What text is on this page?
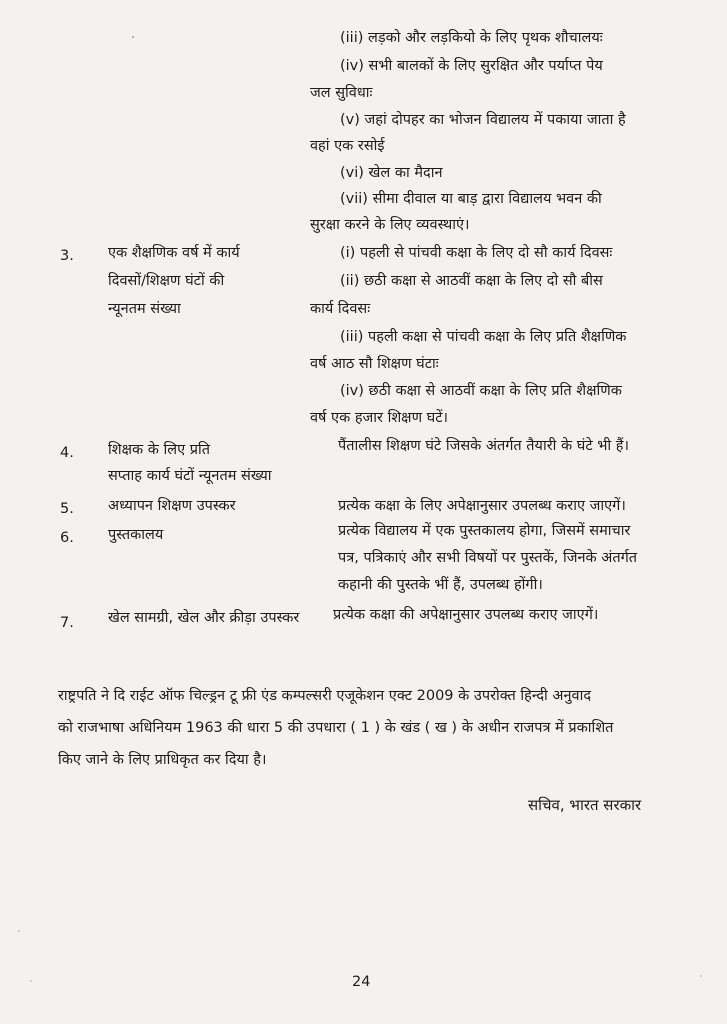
(iii) लड़को और लड़कियो के लिए पृथक शौचालयः
(iv) सभी बालकों के लिए सुरक्षित और पर्याप्त पेय
जल सुविधाः
(v) जहां दोपहर का भोजन विद्यालय में पकाया जाता है
वहां एक रसोई
(vi) खेल का मैदान
(vii) सीमा दीवाल या बाड़ द्वारा विद्यालय भवन की
सुरक्षा करने के लिए व्यवस्थाएं।
3. एक शैक्षणिक वर्ष में कार्य
दिवसों/शिक्षण घंटों की
न्यूनतम संख्या
(i) पहली से पांचवी कक्षा के लिए दो सौ कार्य दिवसः
(ii) छठी कक्षा से आठवीं कक्षा के लिए दो सौ बीस
कार्य दिवसः
(iii) पहली कक्षा से पांचवी कक्षा के लिए प्रति शैक्षणिक
वर्ष आठ सौ शिक्षण घंटाः
(iv) छठी कक्षा से आठवीं कक्षा के लिए प्रति शैक्षणिक
वर्ष एक हजार शिक्षण घटें।
4. शिक्षक के लिए प्रति
सप्ताह कार्य घंटों न्यूनतम संख्या
पैंतालीस शिक्षण घंटे जिसके अंतर्गत तैयारी के घंटे भी हैं।
5. अध्यापन शिक्षण उपस्कर	प्रत्येक कक्षा के लिए अपेक्षानुसार उपलब्ध कराए जाएगें।
6. पुस्तकालय	प्रत्येक विद्यालय में एक पुस्तकालय होगा, जिसमें समाचार
पत्र, पत्रिकाएं और सभी विषयों पर पुस्तकें, जिनके अंतर्गत
कहानी की पुस्तके भीं हैं, उपलब्ध होंगी।
7. खेल सामग्री, खेल और क्रीड़ा उपस्कर प्रत्येक कक्षा की अपेक्षानुसार उपलब्ध कराए जाएगें।
राष्ट्रपति ने दि राईट ऑफ चिल्ड्रन टू फ्री एंड कम्पल्सरी एजूकेशन एक्ट 2009 के उपरोक्त हिन्दी अनुवाद
को राजभाषा अधिनियम 1963 की धारा 5 की उपधारा ( 1 ) के खंड ( ख ) के अधीन राजपत्र में प्रकाशित
किए जाने के लिए प्राधिकृत कर दिया है।
सचिव, भारत सरकार
24
